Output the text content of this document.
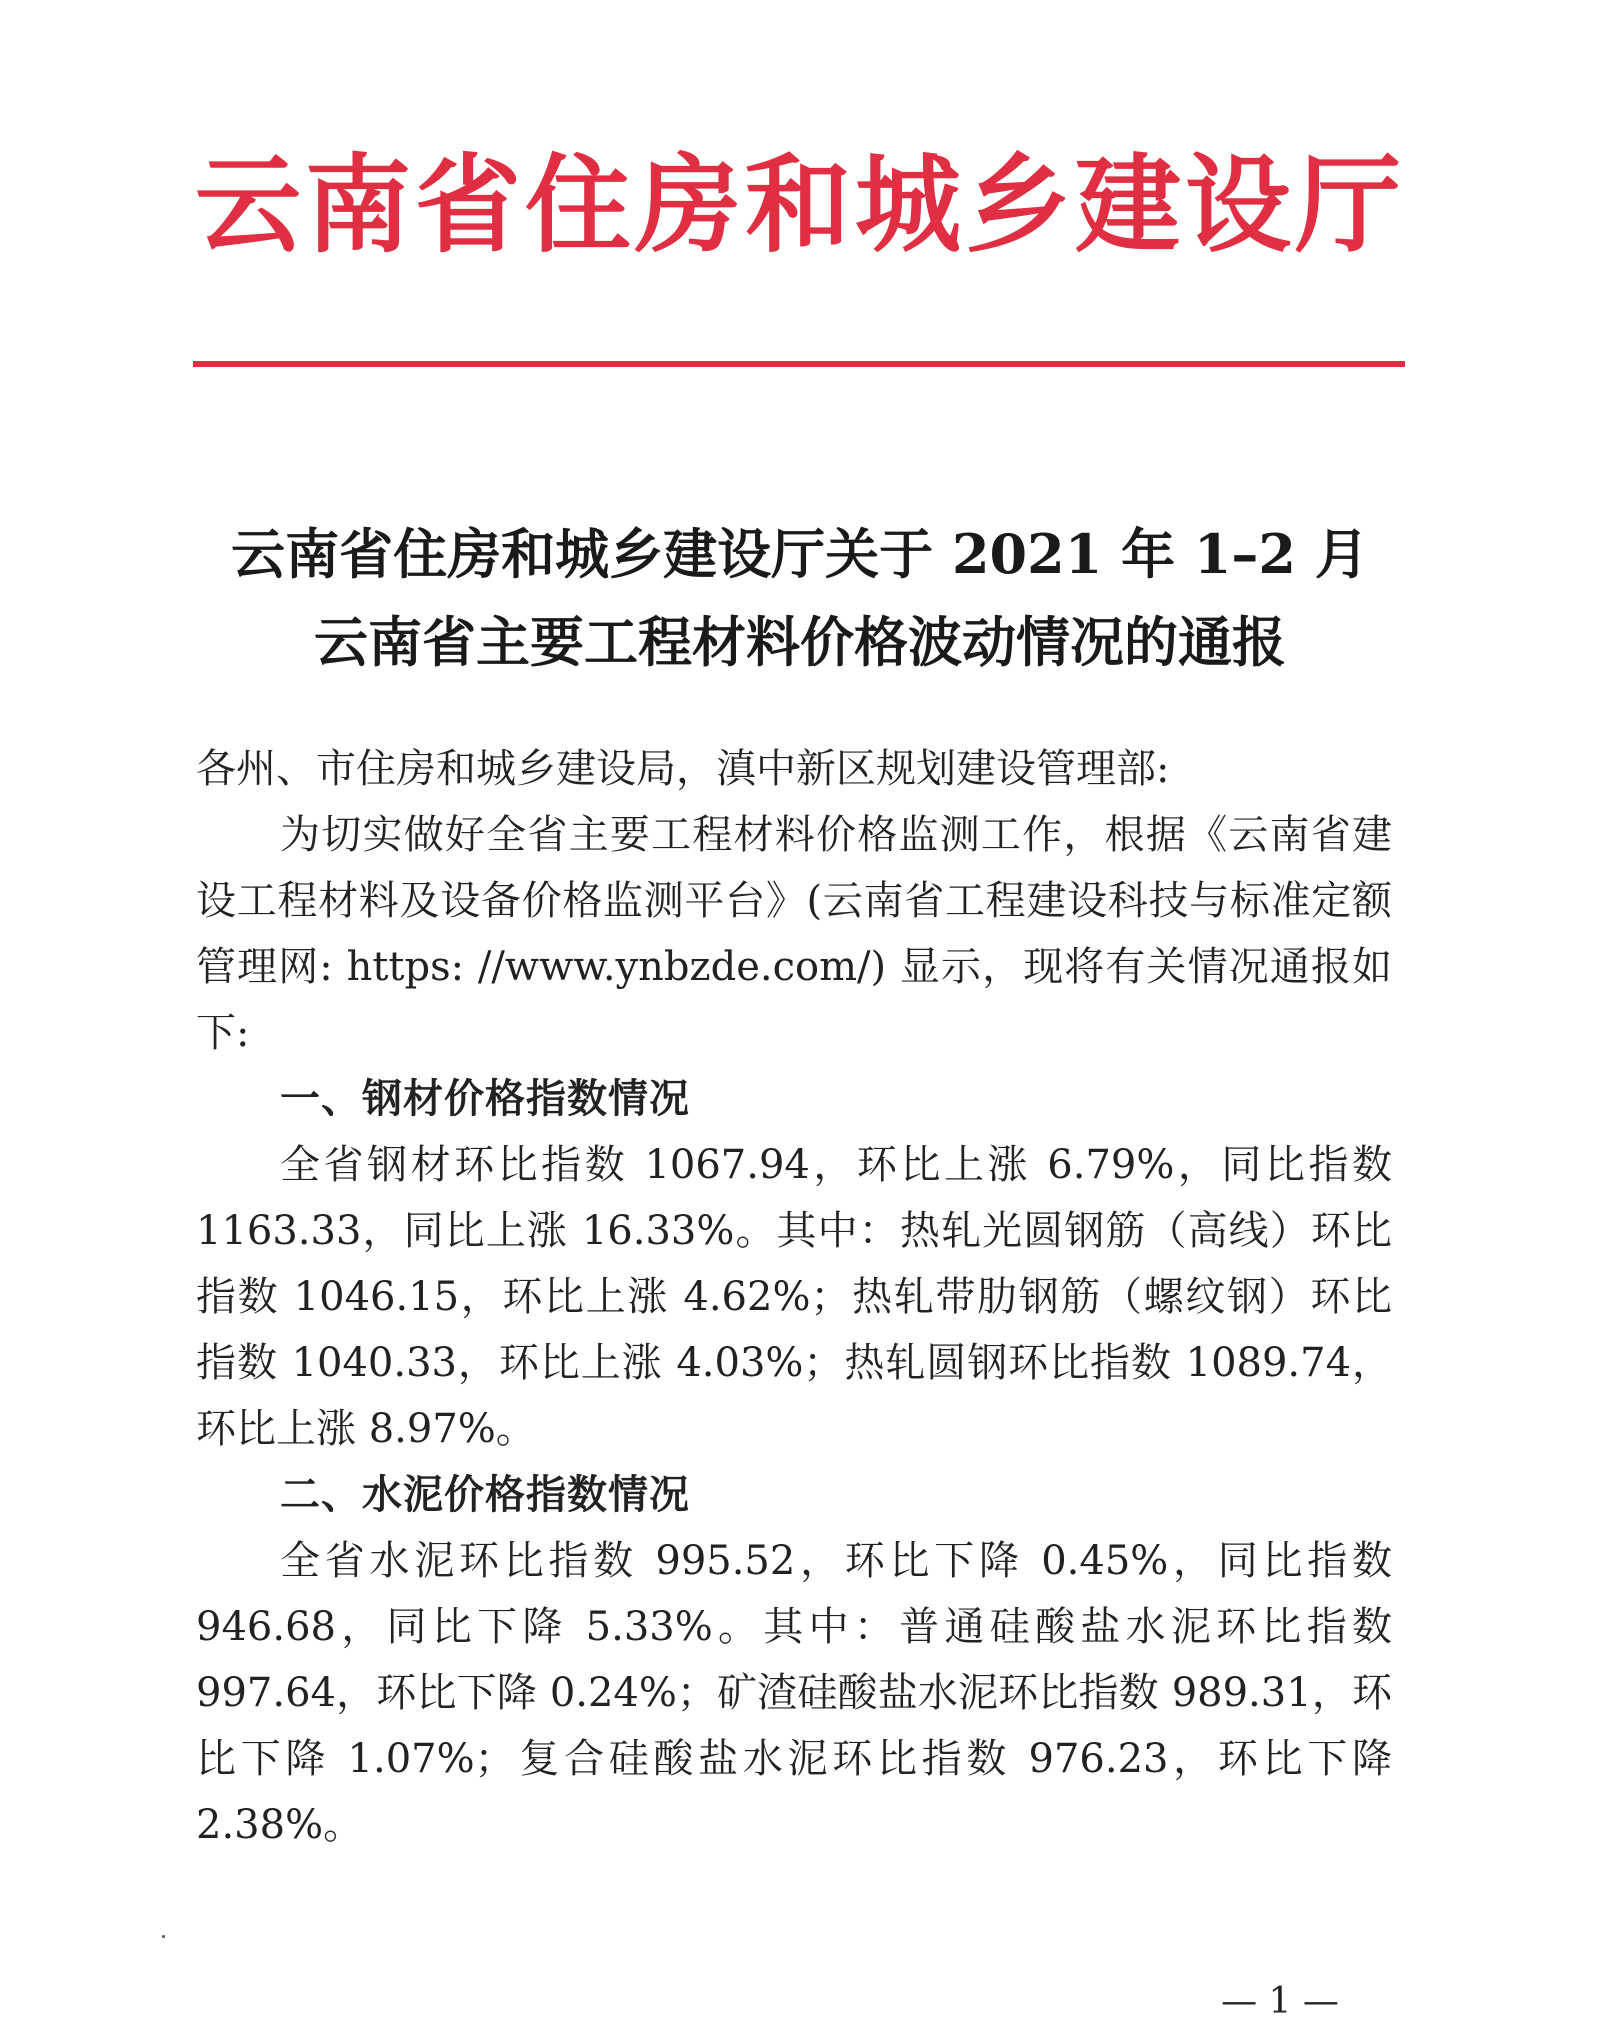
云南省住房和城乡建设厅
云南省住房和城乡建设厅关于 2021 年 1–2 月
云南省主要工程材料价格波动情况的通报

各州、市住房和城乡建设局，滇中新区规划建设管理部:

为切实做好全省主要工程材料价格监测工作，根据《云南省建设工程材料及设备价格监测平台》(云南省工程建设科技与标准定额管理网: https: //www.ynbzde.com/) 显示，现将有关情况通报如下:

一、钢材价格指数情况

全省钢材环比指数 1067.94，环比上涨 6.79%，同比指数 1163.33，同比上涨 16.33%。其中：热轧光圆钢筋（高线）环比指数 1046.15，环比上涨 4.62%；热轧带肋钢筋（螺纹钢）环比指数 1040.33，环比上涨 4.03%；热轧圆钢环比指数 1089.74，环比上涨 8.97%。

二、水泥价格指数情况

全省水泥环比指数 995.52，环比下降 0.45%，同比指数 946.68，同比下降 5.33%。其中：普通硅酸盐水泥环比指数 997.64，环比下降 0.24%；矿渣硅酸盐水泥环比指数 989.31，环比下降 1.07%；复合硅酸盐水泥环比指数 976.23，环比下降 2.38%。

— 1 —
